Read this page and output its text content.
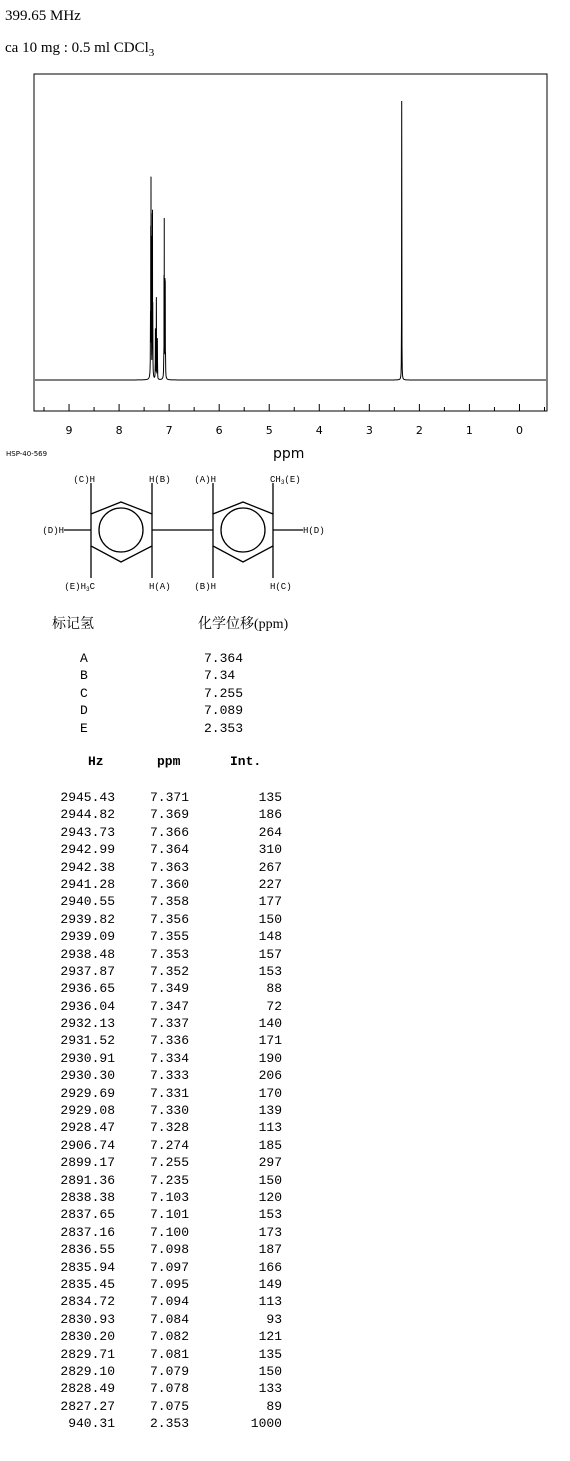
399.65 MHz
ca 10 mg : 0.5 ml CDCl$_3$
9	8	7	6	5	4	3	2	1	0
HSP-40-569	ppm
(C)H	H(B)	(A)H	$CH_3(E)$
(D)H	H(D)
$(E)H_3C$	H(A)	(B)H	H(C)
标记氢	化学位移(ppm)
A	7.364
B	7.34
C	7.255
D	7.089
E	2.353
Hz	ppm	Int.
2945.43	7.371	135
2944.82	7.369	186
2943.73	7.366	264
2942.99	7.364	310
2942.38	7.363	267
2941.28	7.360	227
2940.55	7.358	177
2939.82	7.356	150
2939.09	7.355	148
2938.48	7.353	157
2937.87	7.352	153
2936.65	7.349	88
2936.04	7.347	72
2932.13	7.337	140
2931.52	7.336	171
2930.91	7.334	190
2930.30	7.333	206
2929.69	7.331	170
2929.08	7.330	139
2928.47	7.328	113
2906.74	7.274	185
2899.17	7.255	297
2891.36	7.235	150
2838.38	7.103	120
2837.65	7.101	153
2837.16	7.100	173
2836.55	7.098	187
2835.94	7.097	166
2835.45	7.095	149
2834.72	7.094	113
2830.93	7.084	93
2830.20	7.082	121
2829.71	7.081	135
2829.10	7.079	150
2828.49	7.078	133
2827.27	7.075	89
940.31	2.353	1000
